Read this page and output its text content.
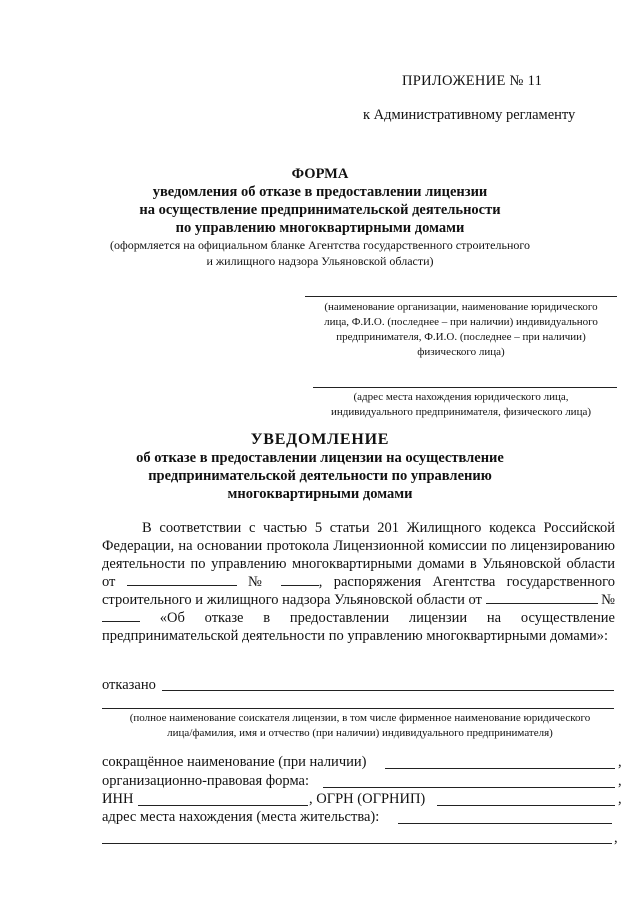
ПРИЛОЖЕНИЕ № 11
к Административному регламенту
ФОРМА
уведомления об отказе в предоставлении лицензии
на осуществление предпринимательской деятельности
по управлению многоквартирными домами
(оформляется на официальном бланке Агентства государственного строительного
и жилищного надзора Ульяновской области)
(наименование организации, наименование юридического
лица, Ф.И.О. (последнее – при наличии) индивидуального
предпринимателя, Ф.И.О. (последнее – при наличии)
физического лица)
(адрес места нахождения юридического лица,
индивидуального предпринимателя, физического лица)
УВЕДОМЛЕНИЕ
об отказе в предоставлении лицензии на осуществление
предпринимательской деятельности по управлению
многоквартирными домами

В соответствии с частью 5 статьи 201 Жилищного кодекса Российской Федерации, на основании протокола Лицензионной комиссии по лицензированию деятельности по управлению многоквартирными домами в Ульяновской области от	№	, распоряжения Агентства государственного строительного и жилищного надзора Ульяновской области от	№  «Об отказе в предоставлении лицензии на осуществление предпринимательской деятельности по управлению многоквартирными домами»:

отказано
(полное наименование соискателя лицензии, в том числе фирменное наименование юридического
лица/фамилия, имя и отчество (при наличии) индивидуального предпринимателя)
сокращённое наименование (при наличии)	,
организационно-правовая форма:	,
ИНН	, ОГРН (ОГРНИП)	,
адрес места нахождения (места жительства):
,
